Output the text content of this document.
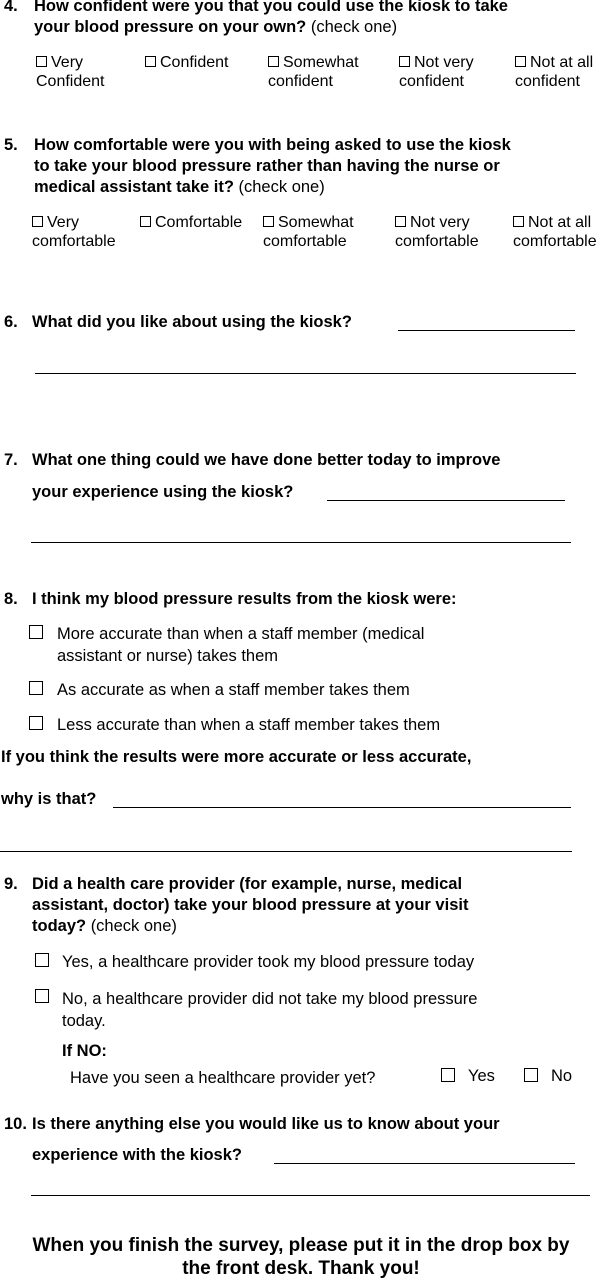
4. How confident were you that you could use the kiosk to take
your blood pressure on your own? (check one)
Very
Confident
Confident	Somewhat
confident
Not very
confident
Not at all
confident
5. How comfortable were you with being asked to use the kiosk
to take your blood pressure rather than having the nurse or
medical assistant take it? (check one)
Very
comfortable
Comfortable	Somewhat
comfortable
Not very
comfortable
Not at all
comfortable
6. What did you like about using the kiosk?
7. What one thing could we have done better today to improve
your experience using the kiosk?
8. I think my blood pressure results from the kiosk were:
More accurate than when a staff member (medical
assistant or nurse) takes them
As accurate as when a staff member takes them
Less accurate than when a staff member takes them
If you think the results were more accurate or less accurate,
why is that?
9. Did a health care provider (for example, nurse, medical
assistant, doctor) take your blood pressure at your visit
today? (check one)
Yes, a healthcare provider took my blood pressure today
No, a healthcare provider did not take my blood pressure
today.
If NO:
Have you seen a healthcare provider yet?	Yes	No
10. Is there anything else you would like us to know about your
experience with the kiosk?
When you finish the survey, please put it in the drop box by
the front desk. Thank you!
